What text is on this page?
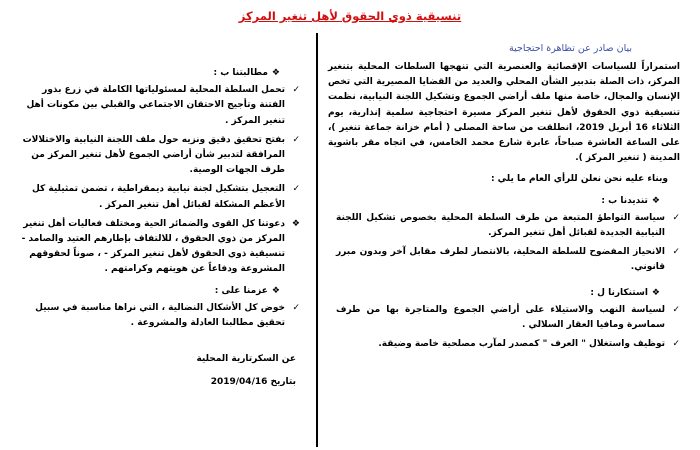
تنسيقية ذوي الحقوق لأهل تنغير المركز
بيان صادر عن تظاهرة احتجاجية

استمراراً للسياسات الإقصائية والعنصرية التي تنهجها السلطات المحلية بتنغير المركز، ذات الصلة بتدبير الشأن المحلي والعديد من القضايا المصيرية التي تخص الإنسان والمجال، خاصة منها ملف أراضي الجموع وتشكيل اللجنة النيابية، نظمت تنسيقية ذوي الحقوق لأهل تنغير المركز مسيرة احتجاجية سلمية إنذارية، يوم الثلاثاء 16 أبريل 2019، انطلقت من ساحة المصلى ( أمام خزانة جماعة تنغير )، على الساعة العاشرة صباحاً، عابرة شارع محمد الخامس، في اتجاه مقر باشوية المدينة ( تنغير المركز ).

وبناء عليه نحن نعلن للرأي العام ما يلي :

❖تنديدنا ب :
✓
سياسة التواطؤ المتبعة من طرف السلطة المحلية بخصوص تشكيل اللجنة النيابية الجديدة لقبائل أهل تنغير المركز.
✓
الانحياز المفضوح للسلطة المحلية، بالانتصار لطرف مقابل آخر وبدون مبرر قانوني.
❖استنكارنا ل :
✓
لسياسة النهب والاستيلاء على أراضي الجموع والمتاجرة بها من طرف سماسرة ومافيا العقار السلالي .
✓
توظيف واستغلال " العرف " كمصدر لمآرب مصلحية خاصة وضيقة.
❖مطالبتنا ب :
✓
تحمل السلطة المحلية لمسئولياتها الكاملة في زرع بذور الفتنة وتأجيج الاحتقان الاجتماعي والقبلي بين مكونات أهل تنغير المركز .
✓
بفتح تحقيق دقيق ونزيه حول ملف اللجنة النيابية والاختلالات المرافقة لتدبير شأن أراضي الجموع لأهل تنغير المركز من طرف الجهات الوصية.
✓
التعجيل بتشكيل لجنة نيابية ديمقراطية ، تضمن تمثيلية كل الأعظم المشكلة لقبائل أهل تنغير المركز .
❖
دعوتنا كل القوى والضمائر الحية ومختلف فعاليات أهل تنغير المركز من ذوي الحقوق ، للالتفاف بإطارهم العتيد والصامد - تنسيقية ذوي الحقوق لأهل تنغير المركز - ، صوناً لحقوقهم المشروعة ودفاعاً عن هويتهم وكرامتهم .
❖عزمنا على :
✓
خوض كل الأشكال النضالية ، التي نراها مناسبة في سبيل تحقيق مطالبنا العادلة والمشروعة .
عن السكرتارية المحلية
بتاريخ 2019/04/16
